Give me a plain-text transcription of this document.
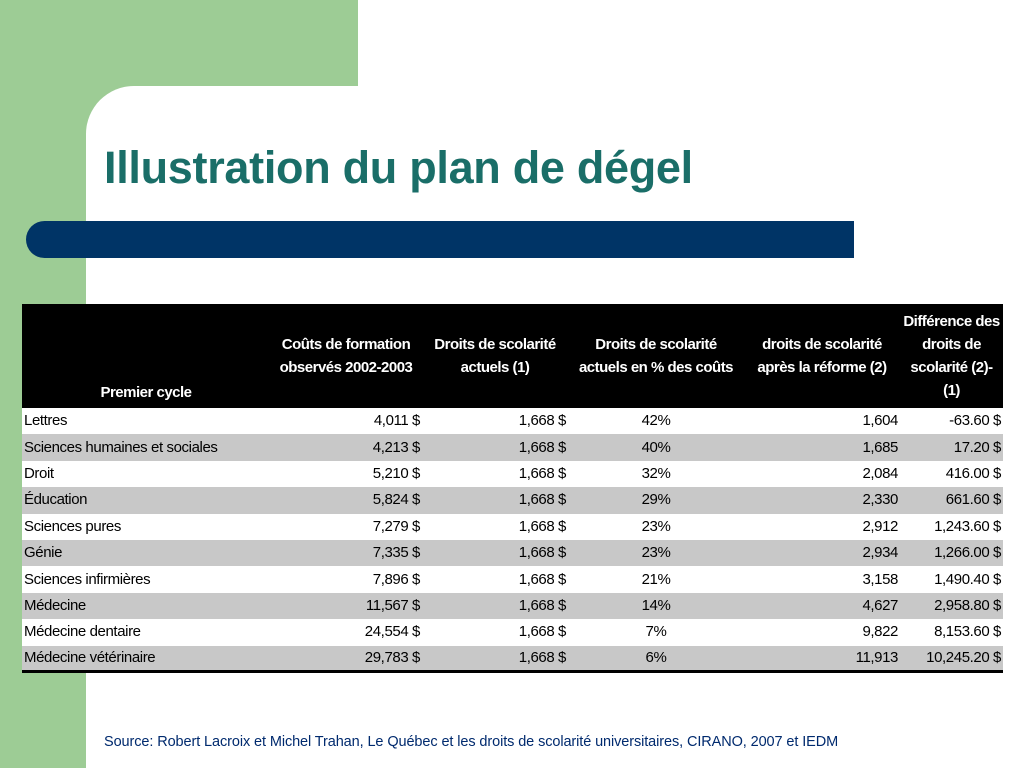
Illustration du plan de dégel
Premier cycle	Coûts de formation observés 2002-2003	Droits de scolarité actuels (1)	Droits de scolarité actuels en % des coûts	droits de scolarité après la réforme (2)	Différence des droits de scolarité (2)-(1)
Lettres	4,011 $	1,668 $	42%	1,604	-63.60 $
Sciences humaines et sociales	4,213 $	1,668 $	40%	1,685	17.20 $
Droit	5,210 $	1,668 $	32%	2,084	416.00 $
Éducation	5,824 $	1,668 $	29%	2,330	661.60 $
Sciences pures	7,279 $	1,668 $	23%	2,912	1,243.60 $
Génie	7,335 $	1,668 $	23%	2,934	1,266.00 $
Sciences infirmières	7,896 $	1,668 $	21%	3,158	1,490.40 $
Médecine	11,567 $	1,668 $	14%	4,627	2,958.80 $
Médecine dentaire	24,554 $	1,668 $	7%	9,822	8,153.60 $
Médecine vétérinaire	29,783 $	1,668 $	6%	11,913	10,245.20 $
Source: Robert Lacroix et Michel Trahan, Le Québec et les droits de scolarité universitaires, CIRANO, 2007 et IEDM
